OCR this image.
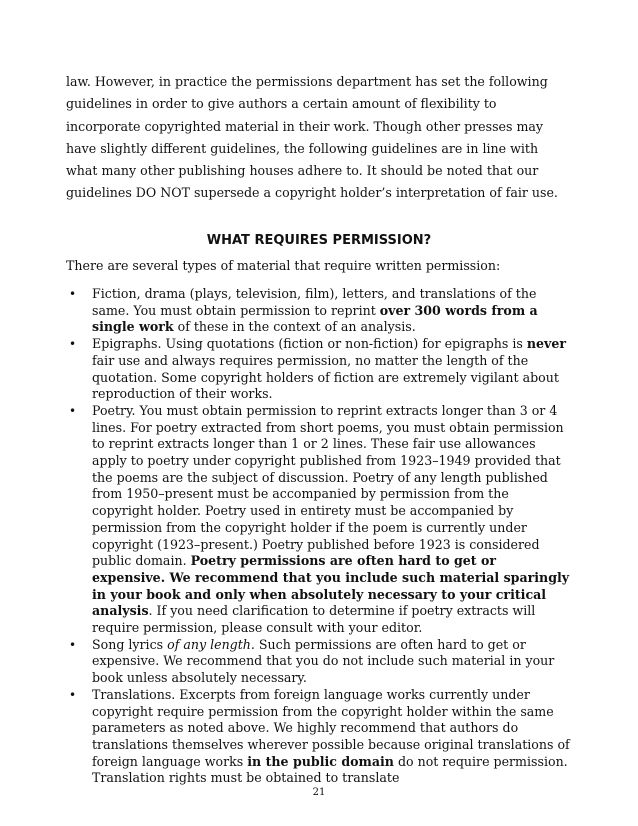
law. However, in practice the permissions department has set the following guidelines in order to give authors a certain amount of flexibility to incorporate copyrighted material in their work. Though other presses may have slightly different guidelines, the following guidelines are in line with what many other publishing houses adhere to. It should be noted that our guidelines DO NOT supersede a copyright holder’s interpretation of fair use.

WHAT REQUIRES PERMISSION?

There are several types of material that require written permission:

• Fiction, drama (plays, television, film), letters, and translations of the same. You must obtain permission to reprint over 300 words from a single work of these in the context of an analysis.
• Epigraphs. Using quotations (fiction or non-fiction) for epigraphs is never fair use and always requires permission, no matter the length of the quotation. Some copyright holders of fiction are extremely vigilant about reproduction of their works.
• Poetry. You must obtain permission to reprint extracts longer than 3 or 4 lines. For poetry extracted from short poems, you must obtain permission to reprint extracts longer than 1 or 2 lines. These fair use allowances apply to poetry under copyright published from 1923–1949 provided that the poems are the subject of discussion. Poetry of any length published from 1950–present must be accompanied by permission from the copyright holder. Poetry used in entirety must be accompanied by permission from the copyright holder if the poem is currently under copyright (1923–present.) Poetry published before 1923 is considered public domain. Poetry permissions are often hard to get or expensive. We recommend that you include such material sparingly in your book and only when absolutely necessary to your critical analysis. If you need clarification to determine if poetry extracts will require permission, please consult with your editor.
• Song lyrics of any length. Such permissions are often hard to get or expensive. We recommend that you do not include such material in your book unless absolutely necessary.
• Translations. Excerpts from foreign language works currently under copyright require permission from the copyright holder within the same parameters as noted above. We highly recommend that authors do translations themselves wherever possible because original translations of foreign language works in the public domain do not require permission. Translation rights must be obtained to translate

21
